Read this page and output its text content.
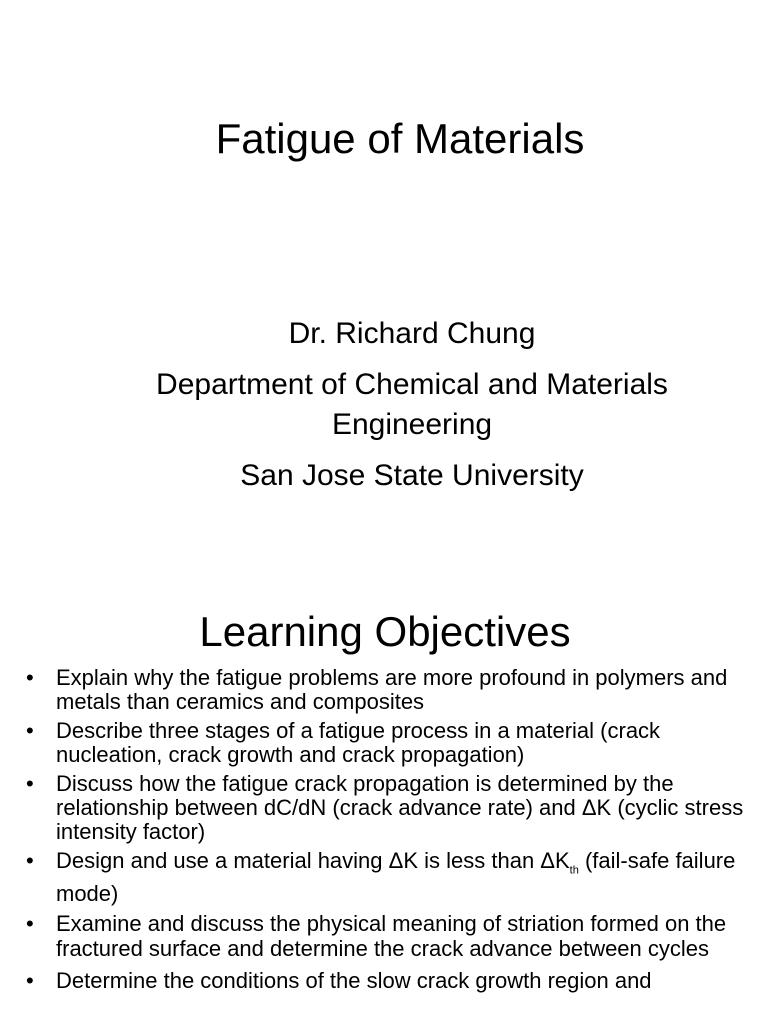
Fatigue of Materials

Dr. Richard Chung

Department of Chemical and Materials
Engineering

San Jose State University

Learning Objectives
• Explain why the fatigue problems are more profound in polymers and metals than ceramics and composites
• Describe three stages of a fatigue process in a material (crack nucleation, crack growth and crack propagation)
• Discuss how the fatigue crack propagation is determined by the relationship between dC/dN (crack advance rate) and ΔK (cyclic stress intensity factor)
• Design and use a material having ΔK is less than $\Delta K_{th}$ (fail-safe failure mode)
• Examine and discuss the physical meaning of striation formed on the fractured surface and determine the crack advance between cycles
• Determine the conditions of the slow crack growth region and
